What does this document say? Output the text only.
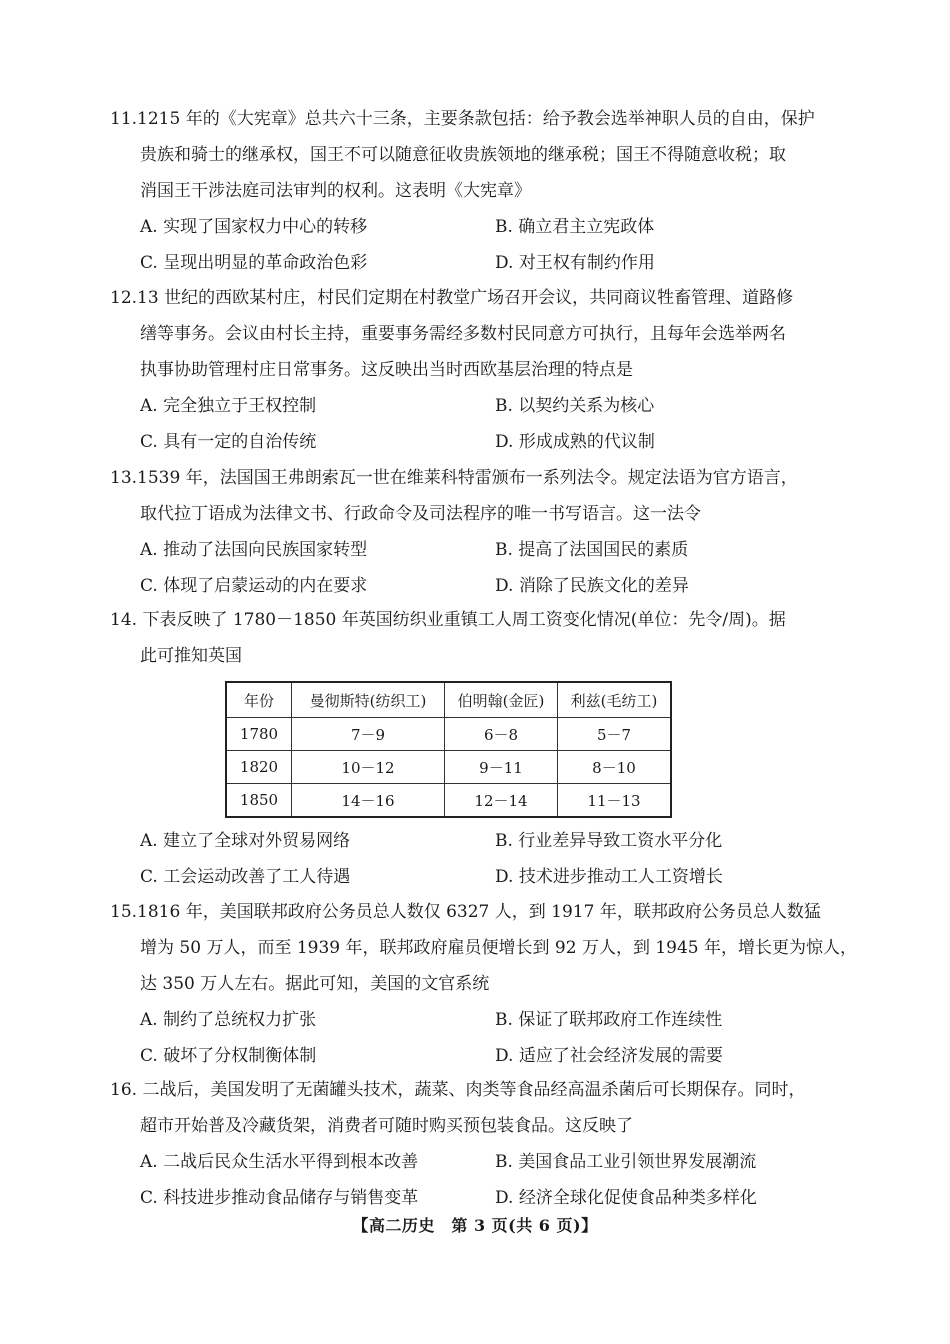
11.1215 年的《大宪章》总共六十三条，主要条款包括：给予教会选举神职人员的自由，保护
贵族和骑士的继承权，国王不可以随意征收贵族领地的继承税；国王不得随意收税；取
消国王干涉法庭司法审判的权利。这表明《大宪章》
A. 实现了国家权力中心的转移	B. 确立君主立宪政体
C. 呈现出明显的革命政治色彩	D. 对王权有制约作用
12.13 世纪的西欧某村庄，村民们定期在村教堂广场召开会议，共同商议牲畜管理、道路修
缮等事务。会议由村长主持，重要事务需经多数村民同意方可执行，且每年会选举两名
执事协助管理村庄日常事务。这反映出当时西欧基层治理的特点是
A. 完全独立于王权控制	B. 以契约关系为核心
C. 具有一定的自治传统	D. 形成成熟的代议制
13.1539 年，法国国王弗朗索瓦一世在维莱科特雷颁布一系列法令。规定法语为官方语言，
取代拉丁语成为法律文书、行政命令及司法程序的唯一书写语言。这一法令
A. 推动了法国向民族国家转型	B. 提高了法国国民的素质
C. 体现了启蒙运动的内在要求	D. 消除了民族文化的差异
14. 下表反映了 1780－1850 年英国纺织业重镇工人周工资变化情况(单位：先令/周)。据
此可推知英国
年份	曼彻斯特(纺织工)	伯明翰(金匠)	利兹(毛纺工)
1780	7－9	6－8	5－7
1820	10－12	9－11	8－10
1850	14－16	12－14	11－13
A. 建立了全球对外贸易网络	B. 行业差异导致工资水平分化
C. 工会运动改善了工人待遇	D. 技术进步推动工人工资增长
15.1816 年，美国联邦政府公务员总人数仅 6327 人，到 1917 年，联邦政府公务员总人数猛
增为 50 万人，而至 1939 年，联邦政府雇员便增长到 92 万人，到 1945 年，增长更为惊人，
达 350 万人左右。据此可知，美国的文官系统
A. 制约了总统权力扩张	B. 保证了联邦政府工作连续性
C. 破坏了分权制衡体制	D. 适应了社会经济发展的需要
16. 二战后，美国发明了无菌罐头技术，蔬菜、肉类等食品经高温杀菌后可长期保存。同时，
超市开始普及冷藏货架，消费者可随时购买预包装食品。这反映了
A. 二战后民众生活水平得到根本改善	B. 美国食品工业引领世界发展潮流
C. 科技进步推动食品储存与销售变革	D. 经济全球化促使食品种类多样化
【高二历史　第 3 页(共 6 页)】
